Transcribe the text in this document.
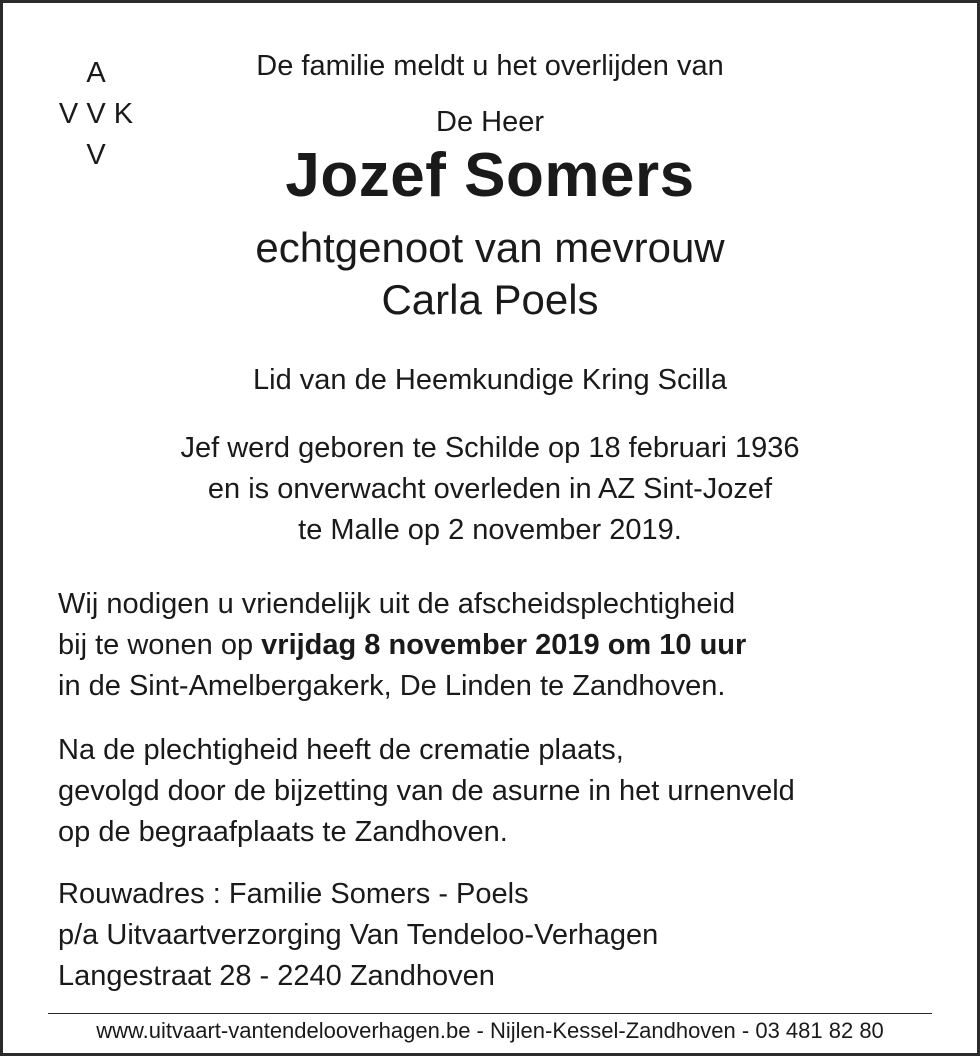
A
V V K
V
De familie meldt u het overlijden van
De Heer
Jozef Somers
echtgenoot van mevrouw
Carla Poels
Lid van de Heemkundige Kring Scilla
Jef werd geboren te Schilde op 18 februari 1936
en is onverwacht overleden in AZ Sint-Jozef
te Malle op 2 november 2019.
Wij nodigen u vriendelijk uit de afscheidsplechtigheid
bij te wonen op vrijdag 8 november 2019 om 10 uur
in de Sint-Amelbergakerk, De Linden te Zandhoven.
Na de plechtigheid heeft de crematie plaats,
gevolgd door de bijzetting van de asurne in het urnenveld
op de begraafplaats te Zandhoven.
Rouwadres : Familie Somers - Poels
p/a Uitvaartverzorging Van Tendeloo-Verhagen
Langestraat 28 - 2240 Zandhoven
www.uitvaart-vantendelooverhagen.be - Nijlen-Kessel-Zandhoven - 03 481 82 80
